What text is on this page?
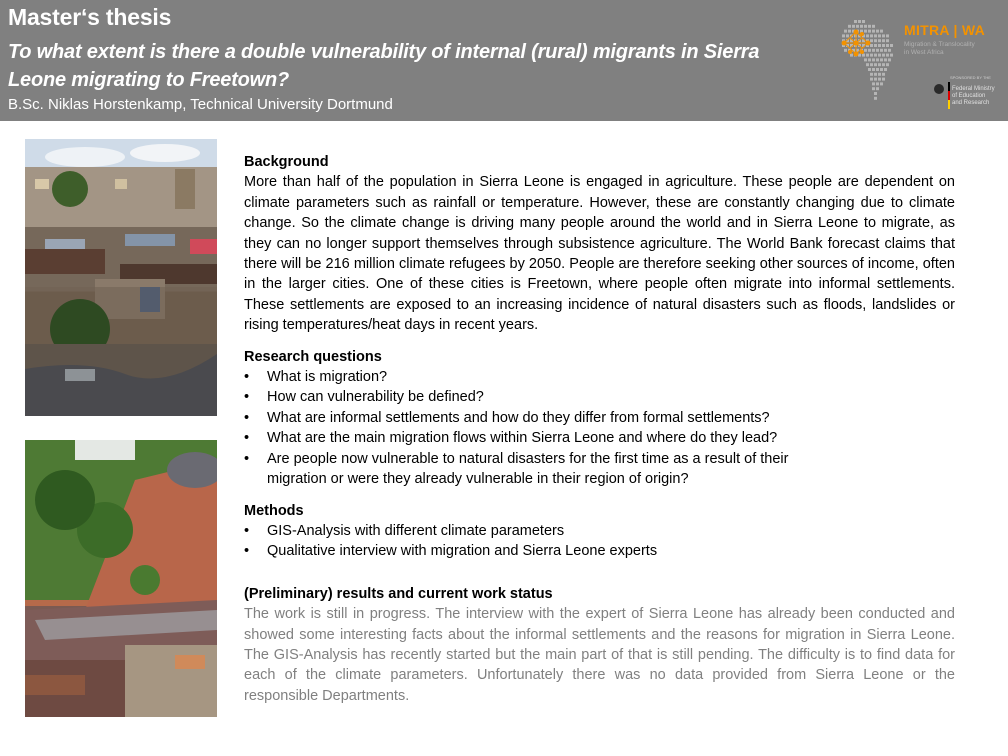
Master‘s thesis
To what extent is there a double vulnerability of internal (rural) migrants in Sierra Leone migrating to Freetown?
B.Sc. Niklas Horstenkamp, Technical University Dortmund
MITRA | WA
Migration & Translocality
in West Africa
SPONSORED BY THE
Federal Ministry
of Education
and Research
Background
More than half of the population in Sierra Leone is engaged in agriculture. These people are dependent on climate parameters such as rainfall or temperature. However, these are constantly changing due to climate change. So the climate change is driving many people around the world and in Sierra Leone to migrate, as they can no longer support themselves through subsistence agriculture. The World Bank forecast claims that there will be 216 million climate refugees by 2050. People are therefore seeking other sources of income, often in the larger cities. One of these cities is Freetown, where people often migrate into informal settlements. These settlements are exposed to an increasing incidence of natural disasters such as floods, landslides or rising temperatures/heat days in recent years.
Research questions
• What is migration?
• How can vulnerability be defined?
• What are informal settlements and how do they differ from formal settlements?
• What are the main migration flows within Sierra Leone and where do they lead?
• Are people now vulnerable to natural disasters for the first time as a result of their migration or were they already vulnerable in their region of origin?
Methods
• GIS-Analysis with different climate parameters
• Qualitative interview with migration and Sierra Leone experts
(Preliminary) results and current work status
The work is still in progress. The interview with the expert of Sierra Leone has already been conducted and showed some interesting facts about the informal settlements and the reasons for migration in Sierra Leone. The GIS-Analysis has recently started but the main part of that is still pending. The difficulty is to find data for each of the climate parameters. Unfortunately there was no data provided from Sierra Leone or the responsible Departments.
